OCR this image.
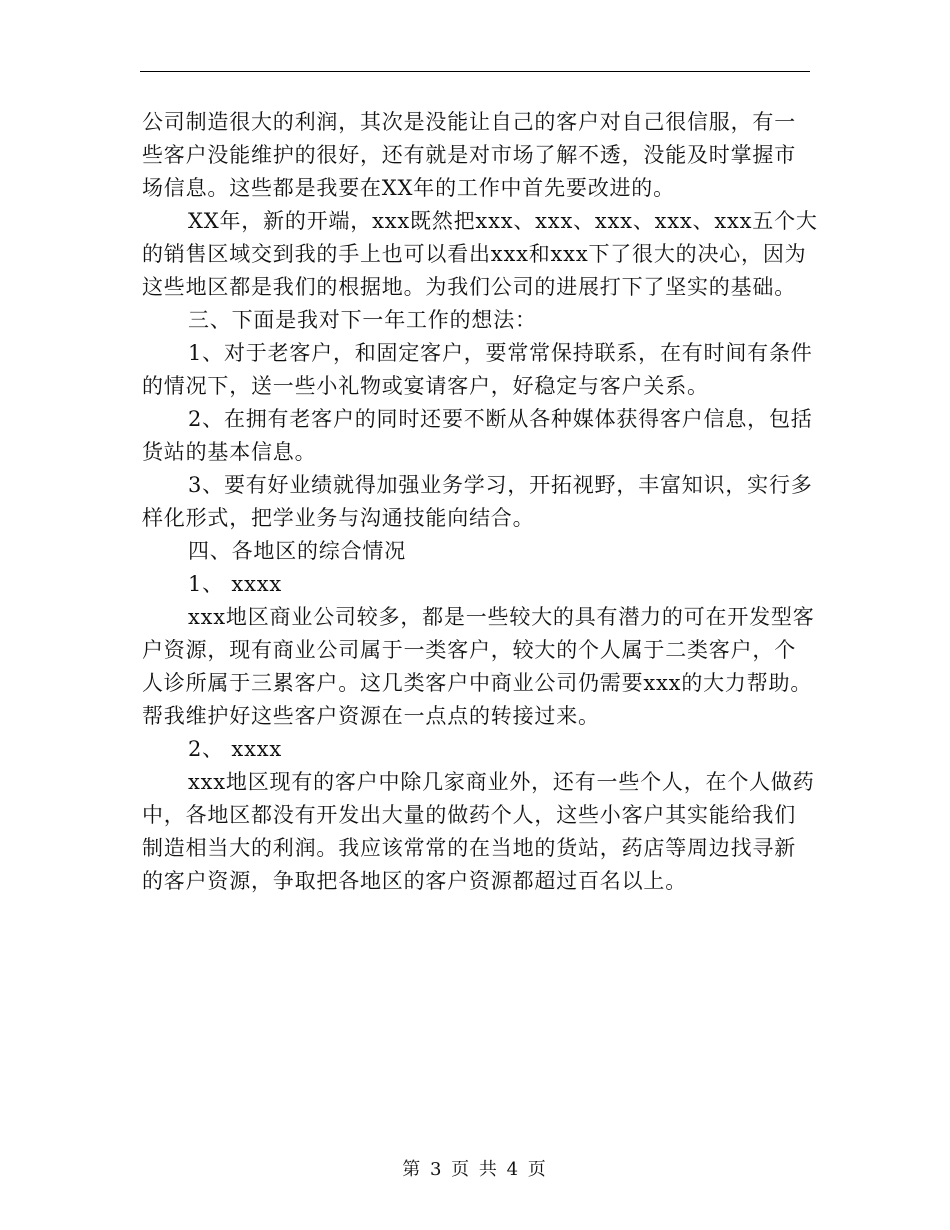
公司制造很大的利润，其次是没能让自己的客户对自己很信服，有一
些客户没能维护的很好，还有就是对市场了解不透，没能及时掌握市
场信息。这些都是我要在XX年的工作中首先要改进的。
XX年，新的开端，xxx既然把xxx、xxx、xxx、xxx、xxx五个大
的销售区域交到我的手上也可以看出xxx和xxx下了很大的决心，因为
这些地区都是我们的根据地。为我们公司的进展打下了坚实的基础。
三、下面是我对下一年工作的想法：
1、对于老客户，和固定客户，要常常保持联系，在有时间有条件
的情况下，送一些小礼物或宴请客户，好稳定与客户关系。
2、在拥有老客户的同时还要不断从各种媒体获得客户信息，包括
货站的基本信息。
3、要有好业绩就得加强业务学习，开拓视野，丰富知识，实行多
样化形式，把学业务与沟通技能向结合。
四、各地区的综合情况
1、 xxxx
xxx地区商业公司较多，都是一些较大的具有潜力的可在开发型客
户资源，现有商业公司属于一类客户，较大的个人属于二类客户，个
人诊所属于三累客户。这几类客户中商业公司仍需要xxx的大力帮助。
帮我维护好这些客户资源在一点点的转接过来。
2、 xxxx
xxx地区现有的客户中除几家商业外，还有一些个人，在个人做药
中，各地区都没有开发出大量的做药个人，这些小客户其实能给我们
制造相当大的利润。我应该常常的在当地的货站，药店等周边找寻新
的客户资源，争取把各地区的客户资源都超过百名以上。
第 3 页 共 4 页
